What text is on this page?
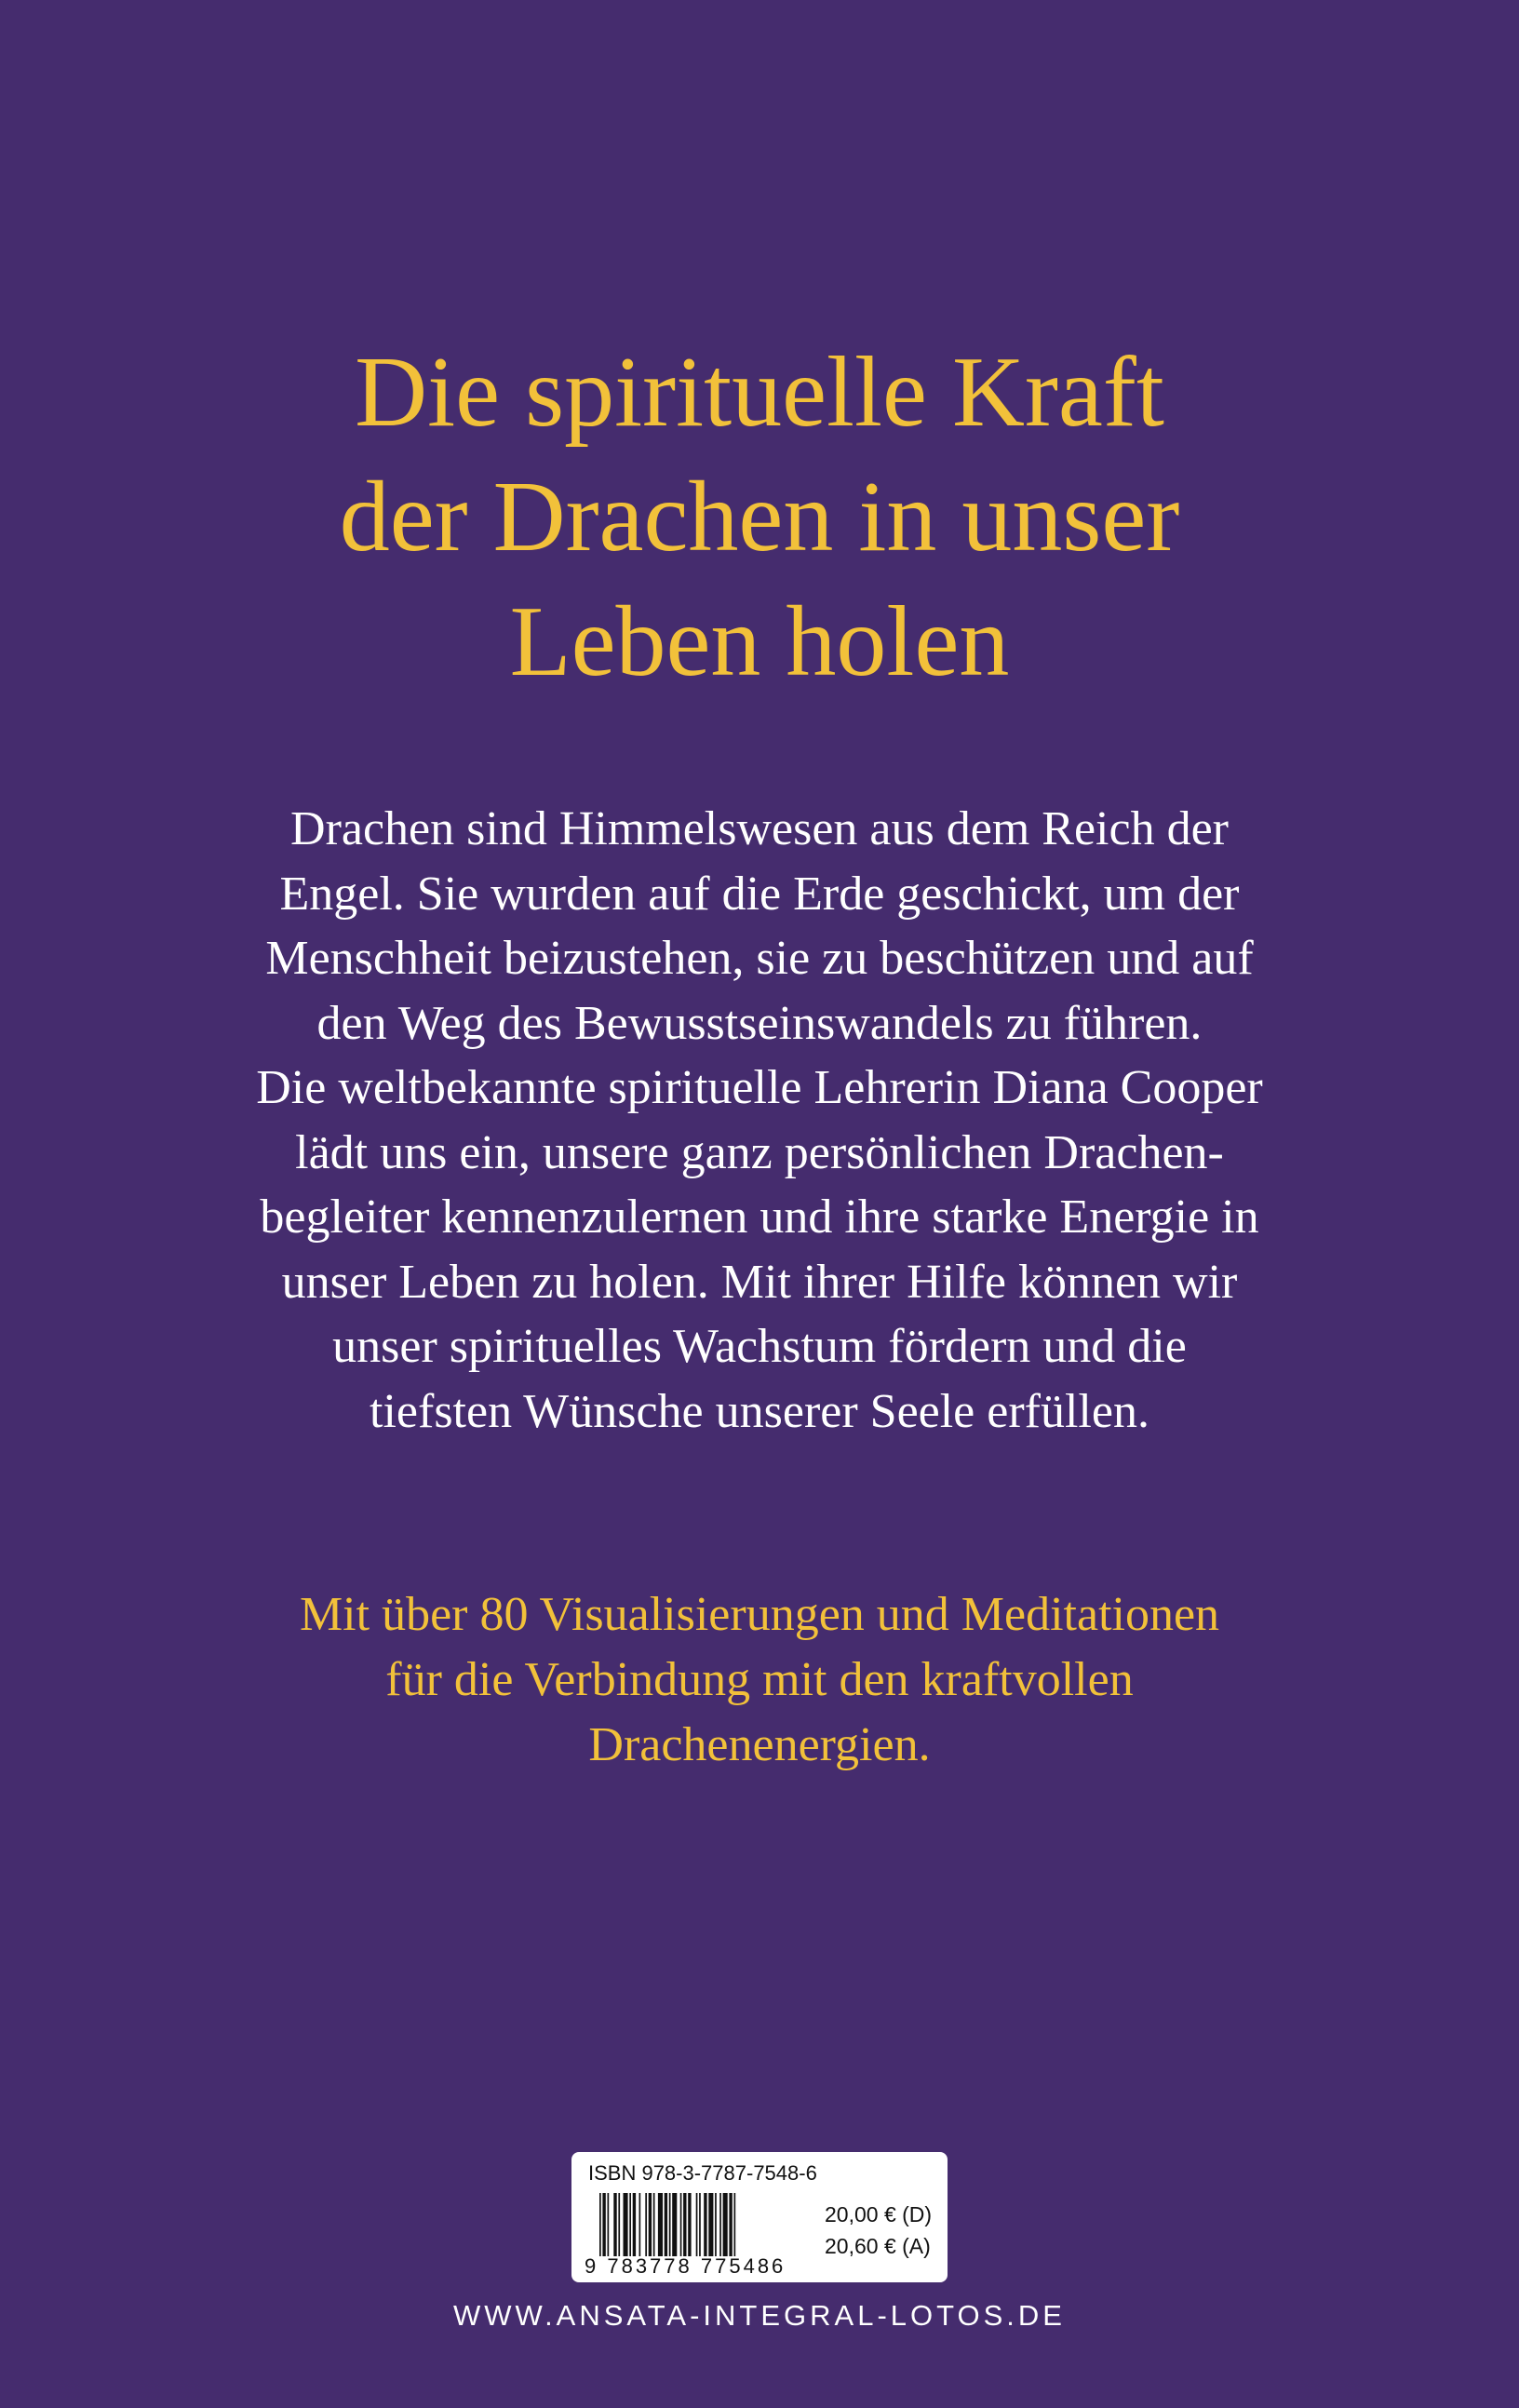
Die spirituelle Kraft
der Drachen in unser
Leben holen
Drachen sind Himmelswesen aus dem Reich der
Engel. Sie wurden auf die Erde geschickt, um der
Menschheit beizustehen, sie zu beschützen und auf
den Weg des Bewusstseinswandels zu führen.
Die weltbekannte spirituelle Lehrerin Diana Cooper
lädt uns ein, unsere ganz persönlichen Drachen-
begleiter kennenzulernen und ihre starke Energie in
unser Leben zu holen. Mit ihrer Hilfe können wir
unser spirituelles Wachstum fördern und die
tiefsten Wünsche unserer Seele erfüllen.
Mit über 80 Visualisierungen und Meditationen
für die Verbindung mit den kraftvollen
Drachenenergien.
ISBN 978-3-7787-7548-6
9 783778 775486
20,00 € (D)
20,60 € (A)
WWW.ANSATA-INTEGRAL-LOTOS.DE
